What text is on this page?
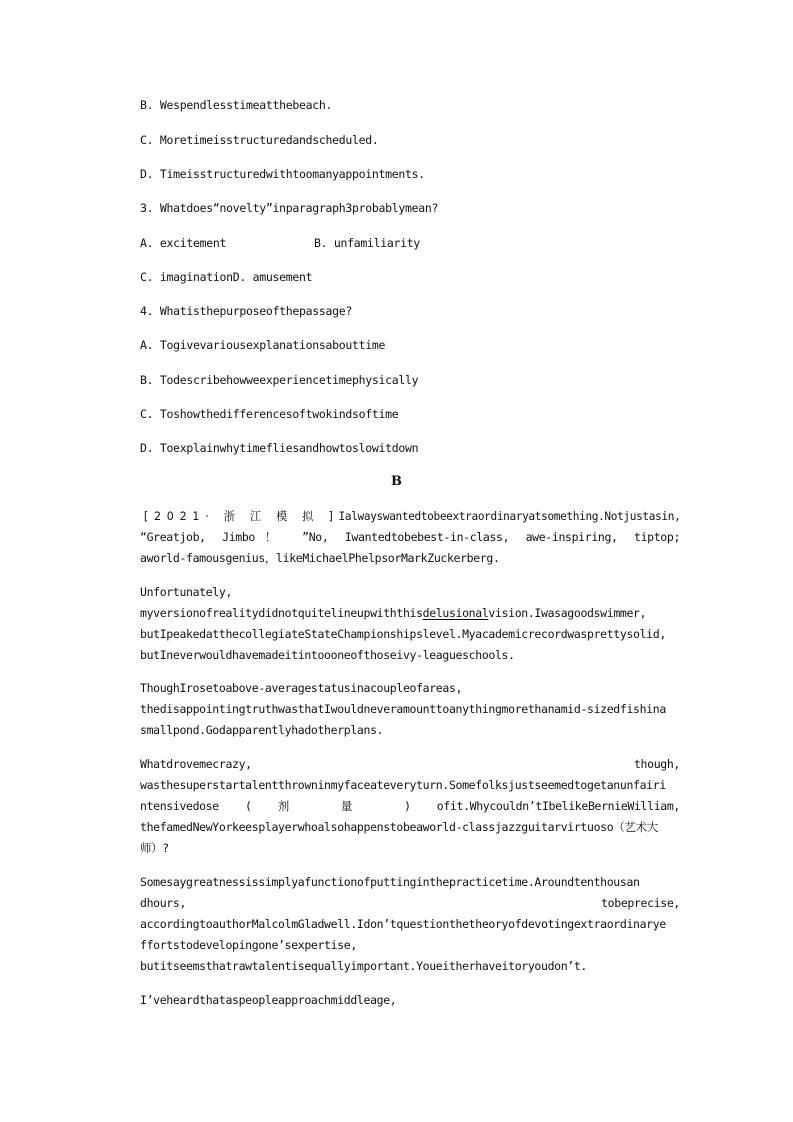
B. Wespendlesstimeatthebeach.
C. Moretimeisstructuredandscheduled.
D. Timeisstructuredwithtoomanyappointments.
3. Whatdoes“novelty”inparagraph3probablymean?
A. excitement	B. unfamiliarity
C. imaginationD. amusement
4. Whatisthepurposeofthepassage?
A. Togivevariousexplanationsabouttime
B. Todescribehowweexperiencetimephysically
C. Toshowthedifferencesoftwokindsoftime
D. Toexplainwhytimefliesandhowtoslowitdown
B
[2021· 浙 江 模 拟 ]Ialwayswantedtobeextraordinaryatsomething.Notjustasin,
“Greatjob, Jimbo！ ”No, Iwantedtobebest-in-class, awe-inspiring, tiptop;
aworld-famousgenius，likeMichaelPhelpsorMarkZuckerberg.
Unfortunately,
myversionofrealitydidnotquitelineupwiththisdelusionalvision.Iwasagoodswimmer,
butIpeakedatthecollegiateStateChampionshipslevel.Myacademicrecordwasprettysolid,
butIneverwouldhavemadeitintoooneofthoseivy-leagueschools.
ThoughIrosetoabove-averagestatusinacoupleofareas,
thedisappointingtruthwasthatIwouldneveramounttoanythingmorethanamid-sizedfishina
smallpond.Godapparentlyhadotherplans.
Whatdrovemecrazy,	though,
wasthesuperstartalentthrowninmyfaceateveryturn.Somefolksjustseemedtogetanunfairi
ntensivedose ( 剂 量 ) ofit.Whycouldn’tIbelikeBernieWilliam,
thefamedNewYorkeesplayerwhoalsohappenstobeaworld-classjazzguitarvirtuoso（艺术大
师）?
Somesaygreatnessissimplyafunctionofputtinginthepracticetime.Aroundtenthousan
dhours,	tobeprecise,
accordingtoauthorMalcolmGladwell.Idon’tquestionthetheoryofdevotingextraordinarye
ffortstodevelopingone’sexpertise,
butitseemsthatrawtalentisequallyimportant.Youeitherhaveitoryoudon’t.
I’veheardthataspeopleapproachmiddleage,
